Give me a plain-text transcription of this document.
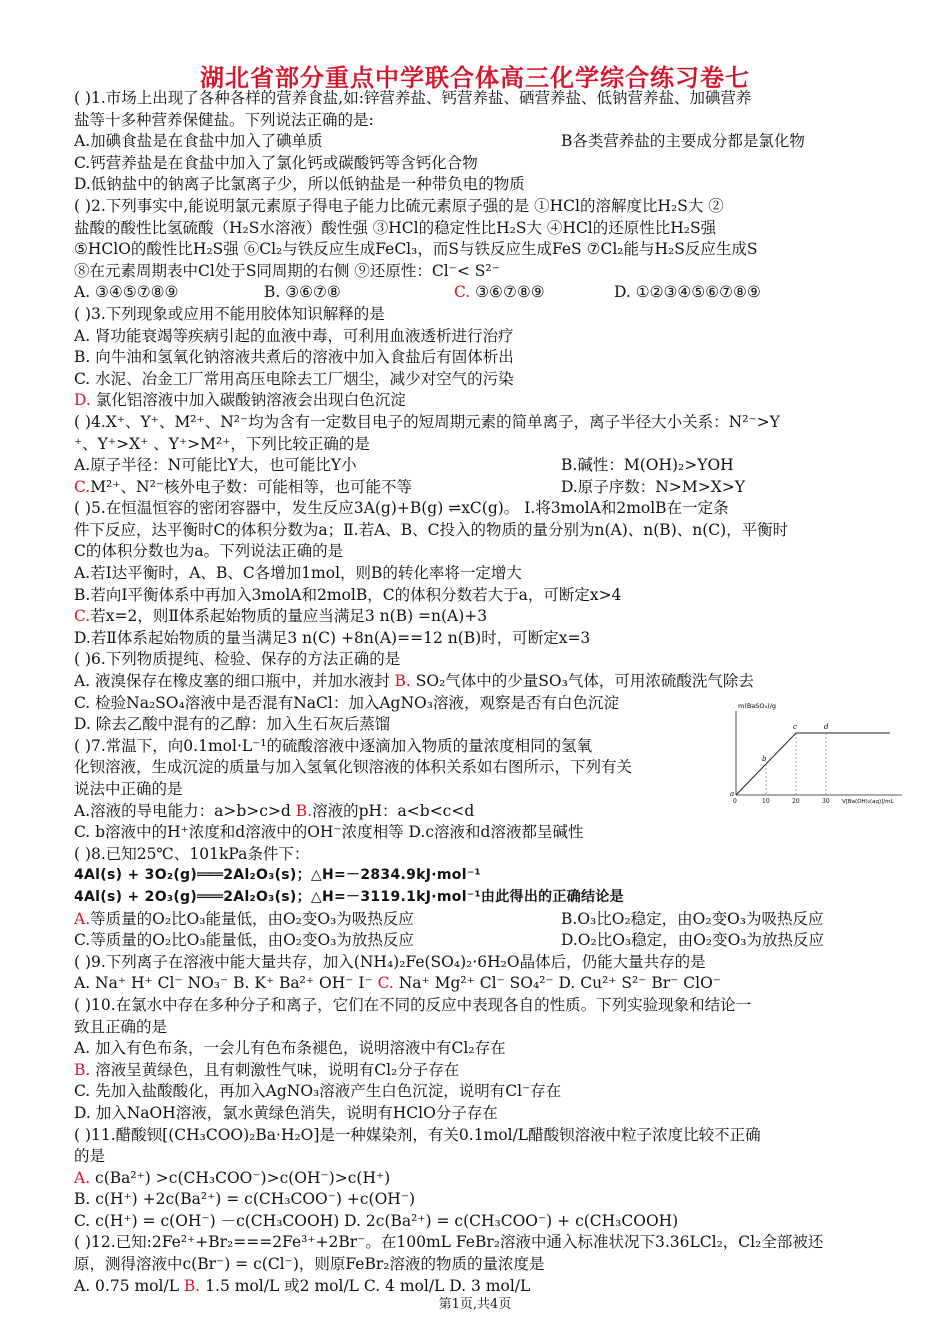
湖北省部分重点中学联合体高三化学综合练习卷七
( )1.市场上出现了各种各样的营养食盐,如:锌营养盐、钙营养盐、硒营养盐、低钠营养盐、加碘营养
盐等十多种营养保健盐。下列说法正确的是:
A.加碘食盐是在食盐中加入了碘单质	B各类营养盐的主要成分都是氯化物
C.钙营养盐是在食盐中加入了氯化钙或碳酸钙等含钙化合物
D.低钠盐中的钠离子比氯离子少，所以低钠盐是一种带负电的物质
( )2.下列事实中,能说明氯元素原子得电子能力比硫元素原子强的是 ①HCl的溶解度比H₂S大 ②
盐酸的酸性比氢硫酸（H₂S水溶液）酸性强 ③HCl的稳定性比H₂S大 ④HCl的还原性比H₂S强
⑤HClO的酸性比H₂S强 ⑥Cl₂与铁反应生成FeCl₃，而S与铁反应生成FeS ⑦Cl₂能与H₂S反应生成S
⑧在元素周期表中Cl处于S同周期的右侧 ⑨还原性：Cl⁻< S²⁻
A. ③④⑤⑦⑧⑨	B. ③⑥⑦⑧	C. ③⑥⑦⑧⑨	D. ①②③④⑤⑥⑦⑧⑨
( )3.下列现象或应用不能用胶体知识解释的是
A. 肾功能衰竭等疾病引起的血液中毒，可利用血液透析进行治疗
B. 向牛油和氢氧化钠溶液共煮后的溶液中加入食盐后有固体析出
C. 水泥、冶金工厂常用高压电除去工厂烟尘，减少对空气的污染
D. 氯化铝溶液中加入碳酸钠溶液会出现白色沉淀
( )4.X⁺、Y⁺、M²⁺、N²⁻均为含有一定数目电子的短周期元素的简单离子，离子半径大小关系：N²⁻>Y
⁺、Y⁺>X⁺ 、Y⁺>M²⁺，下列比较正确的是
A.原子半径：N可能比Y大，也可能比Y小	B.碱性：M(OH)₂>YOH
C.M²⁺、N²⁻核外电子数：可能相等，也可能不等	D.原子序数：N>M>X>Y
( )5.在恒温恒容的密闭容器中，发生反应3A(g)+B(g) ⇌xC(g)。 Ⅰ.将3molA和2molB在一定条
件下反应，达平衡时C的体积分数为a；Ⅱ.若A、B、C投入的物质的量分别为n(A)、n(B)、n(C)，平衡时
C的体积分数也为a。下列说法正确的是
A.若Ⅰ达平衡时，A、B、C各增加1mol，则B的转化率将一定增大
B.若向Ⅰ平衡体系中再加入3molA和2molB，C的体积分数若大于a，可断定x>4
C.若x=2，则Ⅱ体系起始物质的量应当满足3 n(B) =n(A)+3
D.若Ⅱ体系起始物质的量当满足3 n(C) +8n(A)==12 n(B)时，可断定x=3
( )6.下列物质提纯、检验、保存的方法正确的是
A. 液溴保存在橡皮塞的细口瓶中，并加水液封 B. SO₂气体中的少量SO₃气体，可用浓硫酸洗气除去
C. 检验Na₂SO₄溶液中是否混有NaCl：加入AgNO₃溶液，观察是否有白色沉淀
D. 除去乙酸中混有的乙醇：加入生石灰后蒸馏
( )7.常温下，向0.1mol·L⁻¹的硫酸溶液中逐滴加入物质的量浓度相同的氢氧
化钡溶液，生成沉淀的质量与加入氢氧化钡溶液的体积关系如右图所示，下列有关
说法中正确的是
A.溶液的导电能力：a>b>c>d B.溶液的pH：a<b<c<d
C. b溶液中的H⁺浓度和d溶液中的OH⁻浓度相等 D.c溶液和d溶液都呈碱性
( )8.已知25℃、101kPa条件下：
4Al(s) + 3O₂(g)═══2Al₂O₃(s)；△H=－2834.9kJ·mol⁻¹
4Al(s) + 2O₃(g)═══2Al₂O₃(s)；△H=－3119.1kJ·mol⁻¹由此得出的正确结论是
A.等质量的O₂比O₃能量低，由O₂变O₃为吸热反应	B.O₃比O₂稳定，由O₂变O₃为吸热反应
C.等质量的O₂比O₃能量低，由O₂变O₃为放热反应	D.O₂比O₃稳定，由O₂变O₃为放热反应
( )9.下列离子在溶液中能大量共存，加入(NH₄)₂Fe(SO₄)₂·6H₂O晶体后，仍能大量共存的是
A. Na⁺ H⁺ Cl⁻ NO₃⁻ B. K⁺ Ba²⁺ OH⁻ I⁻ C. Na⁺ Mg²⁺ Cl⁻ SO₄²⁻ D. Cu²⁺ S²⁻ Br⁻ ClO⁻
( )10.在氯水中存在多种分子和离子，它们在不同的反应中表现各自的性质。下列实验现象和结论一
致且正确的是
A. 加入有色布条，一会儿有色布条褪色，说明溶液中有Cl₂存在
B. 溶液呈黄绿色，且有刺激性气味，说明有Cl₂分子存在
C. 先加入盐酸酸化，再加入AgNO₃溶液产生白色沉淀，说明有Cl⁻存在
D. 加入NaOH溶液，氯水黄绿色消失，说明有HClO分子存在
( )11.醋酸钡[(CH₃COO)₂Ba·H₂O]是一种媒染剂，有关0.1mol/L醋酸钡溶液中粒子浓度比较不正确
的是
A. c(Ba²⁺) >c(CH₃COO⁻)>c(OH⁻)>c(H⁺)
B. c(H⁺) +2c(Ba²⁺) = c(CH₃COO⁻) +c(OH⁻)
C. c(H⁺) = c(OH⁻) －c(CH₃COOH) D. 2c(Ba²⁺) = c(CH₃COO⁻) + c(CH₃COOH)
( )12.已知:2Fe²⁺+Br₂===2Fe³⁺+2Br⁻。在100mL FeBr₂溶液中通入标准状况下3.36LCl₂，Cl₂全部被还
原，测得溶液中c(Br⁻) = c(Cl⁻)，则原FeBr₂溶液的物质的量浓度是
A. 0.75 mol/L B. 1.5 mol/L 或2 mol/L C. 4 mol/L D. 3 mol/L
m(BaSO₄)/g
a
b
c	d
0	10	20	30 V[Ba(OH)₂(aq)]/mL
第1页,共4页
